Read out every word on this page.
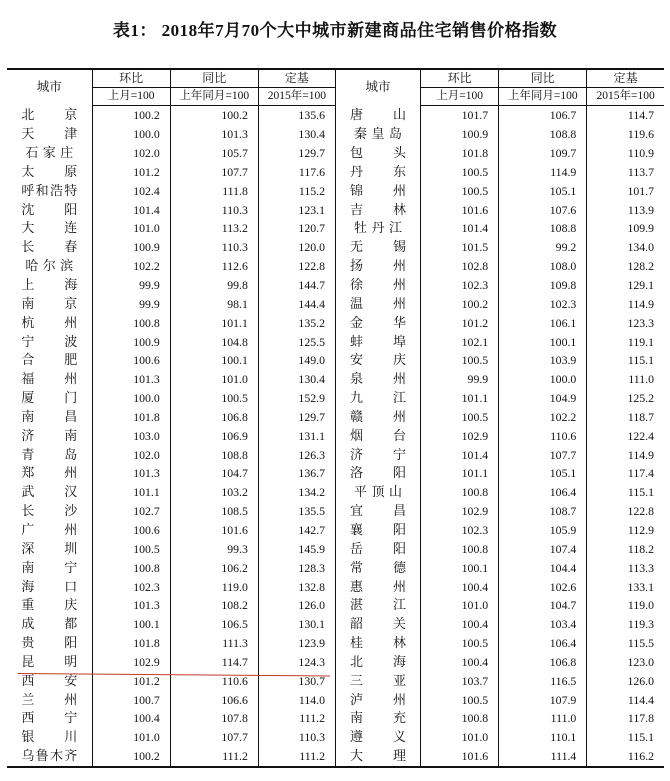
表1： 2018年7月70个大中城市新建商品住宅销售价格指数
城市	环比	同比	定基	城市	环比	同比	定基
	上月=100	上年同月=100	2015年=100		上月=100	上年同月=100	2015年=100
北京	100.2	100.2	135.6	唐山	101.7	106.7	114.7
天津	100.0	101.3	130.4	秦皇岛	100.9	108.8	119.6
石家庄	102.0	105.7	129.7	包头	101.8	109.7	110.9
太原	101.2	107.7	117.6	丹东	100.5	114.9	113.7
呼和浩特	102.4	111.8	115.2	锦州	100.5	105.1	101.7
沈阳	101.4	110.3	123.1	吉林	101.6	107.6	113.9
大连	101.0	113.2	120.7	牡丹江	101.4	108.8	109.9
长春	100.9	110.3	120.0	无锡	101.5	99.2	134.0
哈尔滨	102.2	112.6	122.8	扬州	102.8	108.0	128.2
上海	99.9	99.8	144.7	徐州	102.3	109.8	129.1
南京	99.9	98.1	144.4	温州	100.2	102.3	114.9
杭州	100.8	101.1	135.2	金华	101.2	106.1	123.3
宁波	100.9	104.8	125.5	蚌埠	102.1	100.1	119.1
合肥	100.6	100.1	149.0	安庆	100.5	103.9	115.1
福州	101.3	101.0	130.4	泉州	99.9	100.0	111.0
厦门	100.0	100.5	152.9	九江	101.1	104.9	125.2
南昌	101.8	106.8	129.7	赣州	100.5	102.2	118.7
济南	103.0	106.9	131.1	烟台	102.9	110.6	122.4
青岛	102.0	108.8	126.3	济宁	101.4	107.7	114.9
郑州	101.3	104.7	136.7	洛阳	101.1	105.1	117.4
武汉	101.1	103.2	134.2	平顶山	100.8	106.4	115.1
长沙	102.7	108.5	135.5	宜昌	102.9	108.7	122.8
广州	100.6	101.6	142.7	襄阳	102.3	105.9	112.9
深圳	100.5	99.3	145.9	岳阳	100.8	107.4	118.2
南宁	100.8	106.2	128.3	常德	100.1	104.4	113.3
海口	102.3	119.0	132.8	惠州	100.4	102.6	133.1
重庆	101.3	108.2	126.0	湛江	101.0	104.7	119.0
成都	100.1	106.5	130.1	韶关	100.4	103.4	119.3
贵阳	101.8	111.3	123.9	桂林	100.5	106.4	115.5
昆明	102.9	114.7	124.3	北海	100.4	106.8	123.0
西安	101.2	110.6	130.7	三亚	103.7	116.5	126.0
兰州	100.7	106.6	114.0	泸州	100.5	107.9	114.4
西宁	100.4	107.8	111.2	南充	100.8	111.0	117.8
银川	101.0	107.7	110.3	遵义	101.0	110.1	115.1
乌鲁木齐	100.2	111.2	111.2	大理	101.6	111.4	116.2
